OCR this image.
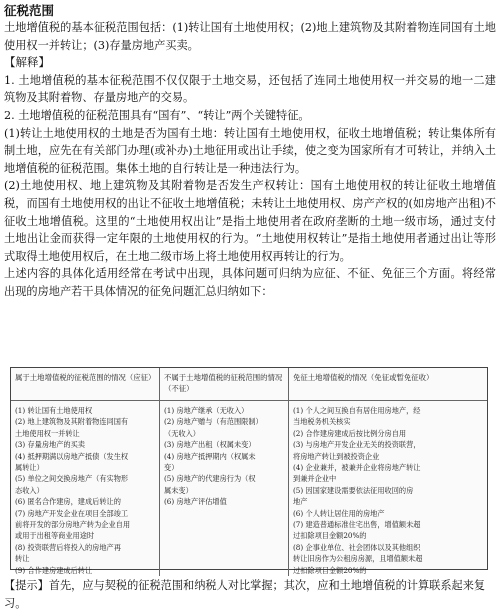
征税范围
土地增值税的基本征税范围包括：(1)转让国有土地使用权；(2)地上建筑物及其附着物连同国有土地使用权一并转让；(3)存量房地产买卖。
【解释】
1. 土地增值税的基本征税范围不仅仅限于土地交易，还包括了连同土地使用权一并交易的地一二建筑物及其附着物、存量房地产的交易。
2. 土地增值税的征税范围具有“国有”、“转让”两个关键特征。
(1)转让土地使用权的土地是否为国有土地：转让国有土地使用权，征收土地增值税；转让集体所有制土地，应先在有关部门办理(或补办)土地征用或出让手续，使之变为国家所有才可转让，并纳入土地增值税的征税范围。集体土地的自行转让是一种违法行为。
(2)土地使用权、地上建筑物及其附着物是否发生产权转让：国有土地使用权的转让征收土地增值税，而国有土地使用权的出让不征收土地增值税；未转让土地使用权、房产产权的(如房地产出租)不征收土地增值税。这里的“土地使用权出让”是指土地使用者在政府垄断的土地一级市场，通过支付土地出让金而获得一定年限的土地使用权的行为。“土地使用权转让”是指土地使用者通过出让等形式取得土地使用权后，在土地二级市场上将土地使用权再转让的行为。
上述内容的具体化适用经常在考试中出现，具体问题可归纳为应征、不征、免征三个方面。将经常出现的房地产若干具体情况的征免问题汇总归纳如下：
属于土地增值税的征税范围的情况（应征）
(1) 转让国有土地使用权
(2) 地上建筑物及其附着物连同国有
土地使用权一并转让
(3) 存量房地产的买卖
(4) 抵押期满以房地产抵债（发生权
属转让）
(5) 单位之间交换房地产（有实物形
态收入）
(6) 匿名合作建房，建成后转让的
(7) 房地产开发企业在项目全部竣工
前将开发的部分房地产转为企业自用
或用于出租等商业用途时
(8) 投资联营后将投入的房地产再
转让
(9) 合作建房建成后转让
不属于土地增值税的征税范围的情况（不征）
(1) 房地产继承（无收入）
(2) 房地产赠与（有范围限制）
（无收入）
(3) 房地产出租（权属未变）
(4) 房地产抵押期内（权属未
变）
(5) 房地产的代建房行为（权
属未变）
(6) 房地产评估增值
免征土地增值税的情况（免征或暂免征收）
(1) 个人之间互换自有居住用房地产，经
当地税务机关核实
(2) 合作建房建成后按比例分房自用
(3) 与房地产开发企业无关的投资联营，
将房地产转让到被投资企业
(4) 企业兼并，被兼并企业将房地产转让
到兼并企业中
(5) 因国家建设需要依法征用收回的房
地产
(6) 个人转让居住用的房地产
(7) 建造普通标准住宅出售，增值额未超
过扣除项目金额20%的
(8) 企事业单位、社会团体以及其他组织
转让旧房作为公租房房源，且增值额未超
过扣除项目金额20%的
【提示】首先，应与契税的征税范围和纳税人对比掌握；其次，应和土地增值税的计算联系起来复习。
